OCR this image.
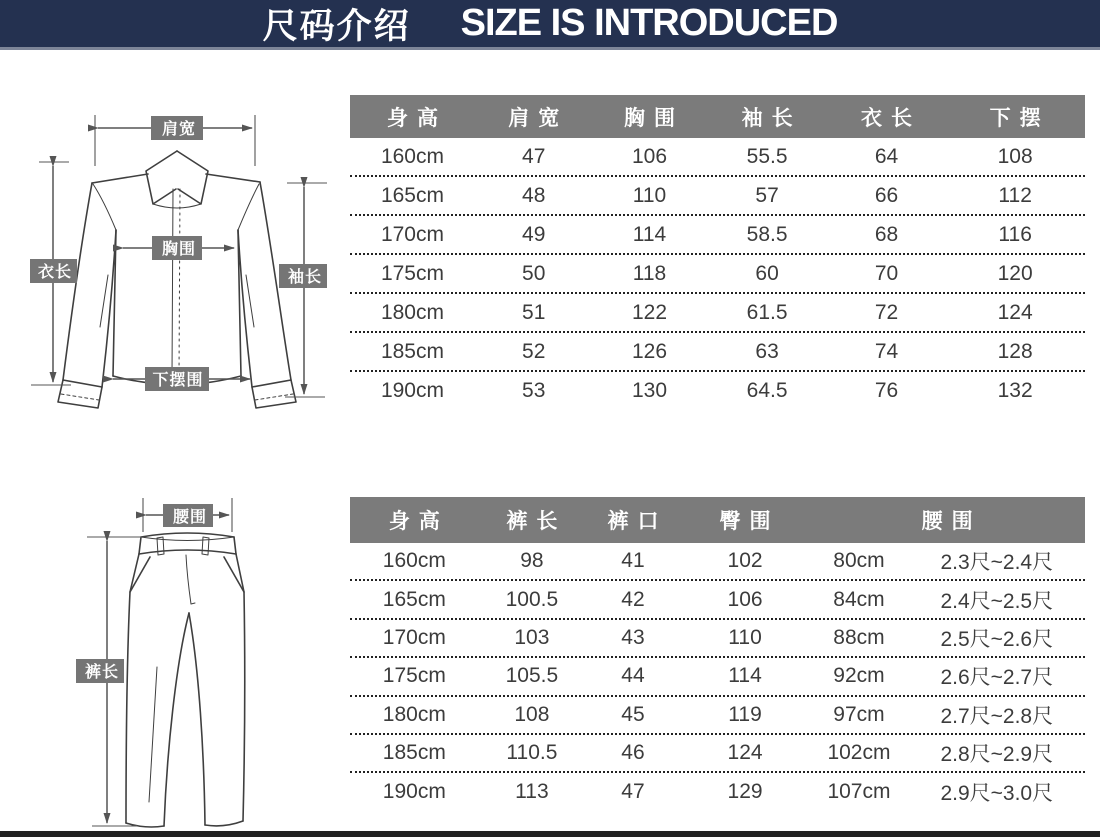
尺码介绍 SIZE IS INTRODUCED
肩宽
衣长	袖长
胸围
下摆围
身高	肩宽	胸围	袖长	衣长	下摆
160cm	47	106	55.5	64	108
165cm	48	110	57	66	112
170cm	49	114	58.5	68	116
175cm	50	118	60	70	120
180cm	51	122	61.5	72	124
185cm	52	126	63	74	128
190cm	53	130	64.5	76	132
腰围
裤长
身高	裤长	裤口	臀围	腰围
160cm	98	41	102	80cm	2.3尺~2.4尺
165cm	100.5	42	106	84cm	2.4尺~2.5尺
170cm	103	43	110	88cm	2.5尺~2.6尺
175cm	105.5	44	114	92cm	2.6尺~2.7尺
180cm	108	45	119	97cm	2.7尺~2.8尺
185cm	110.5	46	124	102cm	2.8尺~2.9尺
190cm	113	47	129	107cm	2.9尺~3.0尺
